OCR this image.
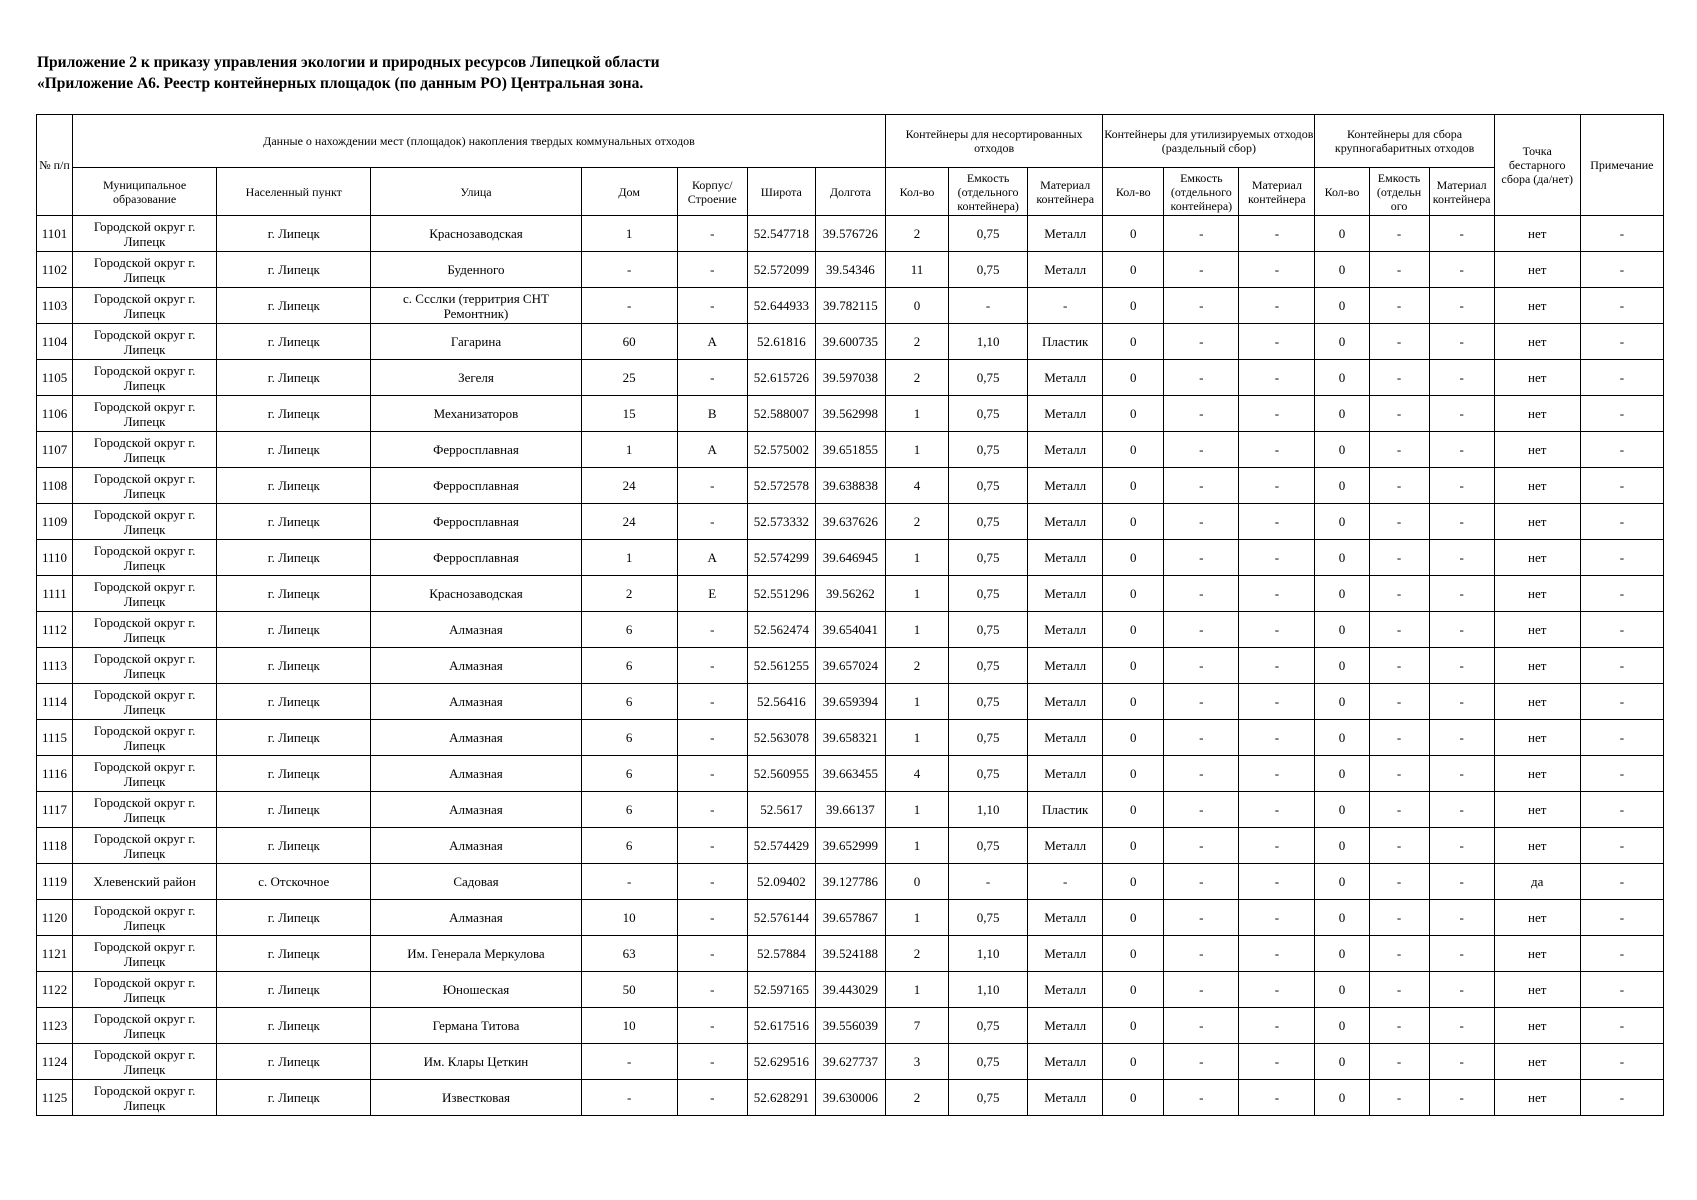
Приложение 2 к приказу управления экологии и природных ресурсов Липецкой области
«Приложение А6. Реестр контейнерных площадок (по данным РО) Центральная зона.
№ п/п	Данные о нахождении мест (площадок) накопления твердых коммунальных отходов							Контейнеры для несортированных отходов			Контейнеры для утилизируемых отходов (раздельный сбор)			Контейнеры для сбора крупногабаритных отходов			Точка бестарного сбора (да/нет)	Примечание
	Муниципальное образование	Населенный пункт	Улица	Дом	Корпус/ Строение	Широта	Долгота	Кол-во	Емкость (отдельного контейнера)	Материал контейнера	Кол-во	Емкость (отдельного контейнера)	Материал контейнера	Кол-во	Емкость (отдельн ого	Материал контейнера		
1101	Городской округ г. Липецк	г. Липецк	Краснозаводская	1	-	52.547718	39.576726	2	0,75	Металл	0	-	-	0	-	-	нет	-
1102	Городской округ г. Липецк	г. Липецк	Буденного	-	-	52.572099	39.54346	11	0,75	Металл	0	-	-	0	-	-	нет	-
1103	Городской округ г. Липецк	г. Липецк	с. Ссслки (территрия СНТ Ремонтник)	-	-	52.644933	39.782115	0	-	-	0	-	-	0	-	-	нет	-
1104	Городской округ г. Липецк	г. Липецк	Гагарина	60	А	52.61816	39.600735	2	1,10	Пластик	0	-	-	0	-	-	нет	-
1105	Городской округ г. Липецк	г. Липецк	Зегеля	25	-	52.615726	39.597038	2	0,75	Металл	0	-	-	0	-	-	нет	-
1106	Городской округ г. Липецк	г. Липецк	Механизаторов	15	В	52.588007	39.562998	1	0,75	Металл	0	-	-	0	-	-	нет	-
1107	Городской округ г. Липецк	г. Липецк	Ферросплавная	1	А	52.575002	39.651855	1	0,75	Металл	0	-	-	0	-	-	нет	-
1108	Городской округ г. Липецк	г. Липецк	Ферросплавная	24	-	52.572578	39.638838	4	0,75	Металл	0	-	-	0	-	-	нет	-
1109	Городской округ г. Липецк	г. Липецк	Ферросплавная	24	-	52.573332	39.637626	2	0,75	Металл	0	-	-	0	-	-	нет	-
1110	Городской округ г. Липецк	г. Липецк	Ферросплавная	1	А	52.574299	39.646945	1	0,75	Металл	0	-	-	0	-	-	нет	-
1111	Городской округ г. Липецк	г. Липецк	Краснозаводская	2	Е	52.551296	39.56262	1	0,75	Металл	0	-	-	0	-	-	нет	-
1112	Городской округ г. Липецк	г. Липецк	Алмазная	6	-	52.562474	39.654041	1	0,75	Металл	0	-	-	0	-	-	нет	-
1113	Городской округ г. Липецк	г. Липецк	Алмазная	6	-	52.561255	39.657024	2	0,75	Металл	0	-	-	0	-	-	нет	-
1114	Городской округ г. Липецк	г. Липецк	Алмазная	6	-	52.56416	39.659394	1	0,75	Металл	0	-	-	0	-	-	нет	-
1115	Городской округ г. Липецк	г. Липецк	Алмазная	6	-	52.563078	39.658321	1	0,75	Металл	0	-	-	0	-	-	нет	-
1116	Городской округ г. Липецк	г. Липецк	Алмазная	6	-	52.560955	39.663455	4	0,75	Металл	0	-	-	0	-	-	нет	-
1117	Городской округ г. Липецк	г. Липецк	Алмазная	6	-	52.5617	39.66137	1	1,10	Пластик	0	-	-	0	-	-	нет	-
1118	Городской округ г. Липецк	г. Липецк	Алмазная	6	-	52.574429	39.652999	1	0,75	Металл	0	-	-	0	-	-	нет	-
1119	Хлевенский район	с. Отскочное	Садовая	-	-	52.09402	39.127786	0	-	-	0	-	-	0	-	-	да	-
1120	Городской округ г. Липецк	г. Липецк	Алмазная	10	-	52.576144	39.657867	1	0,75	Металл	0	-	-	0	-	-	нет	-
1121	Городской округ г. Липецк	г. Липецк	Им. Генерала Меркулова	63	-	52.57884	39.524188	2	1,10	Металл	0	-	-	0	-	-	нет	-
1122	Городской округ г. Липецк	г. Липецк	Юношеская	50	-	52.597165	39.443029	1	1,10	Металл	0	-	-	0	-	-	нет	-
1123	Городской округ г. Липецк	г. Липецк	Германа Титова	10	-	52.617516	39.556039	7	0,75	Металл	0	-	-	0	-	-	нет	-
1124	Городской округ г. Липецк	г. Липецк	Им. Клары Цеткин	-	-	52.629516	39.627737	3	0,75	Металл	0	-	-	0	-	-	нет	-
1125	Городской округ г. Липецк	г. Липецк	Известковая	-	-	52.628291	39.630006	2	0,75	Металл	0	-	-	0	-	-	нет	-
